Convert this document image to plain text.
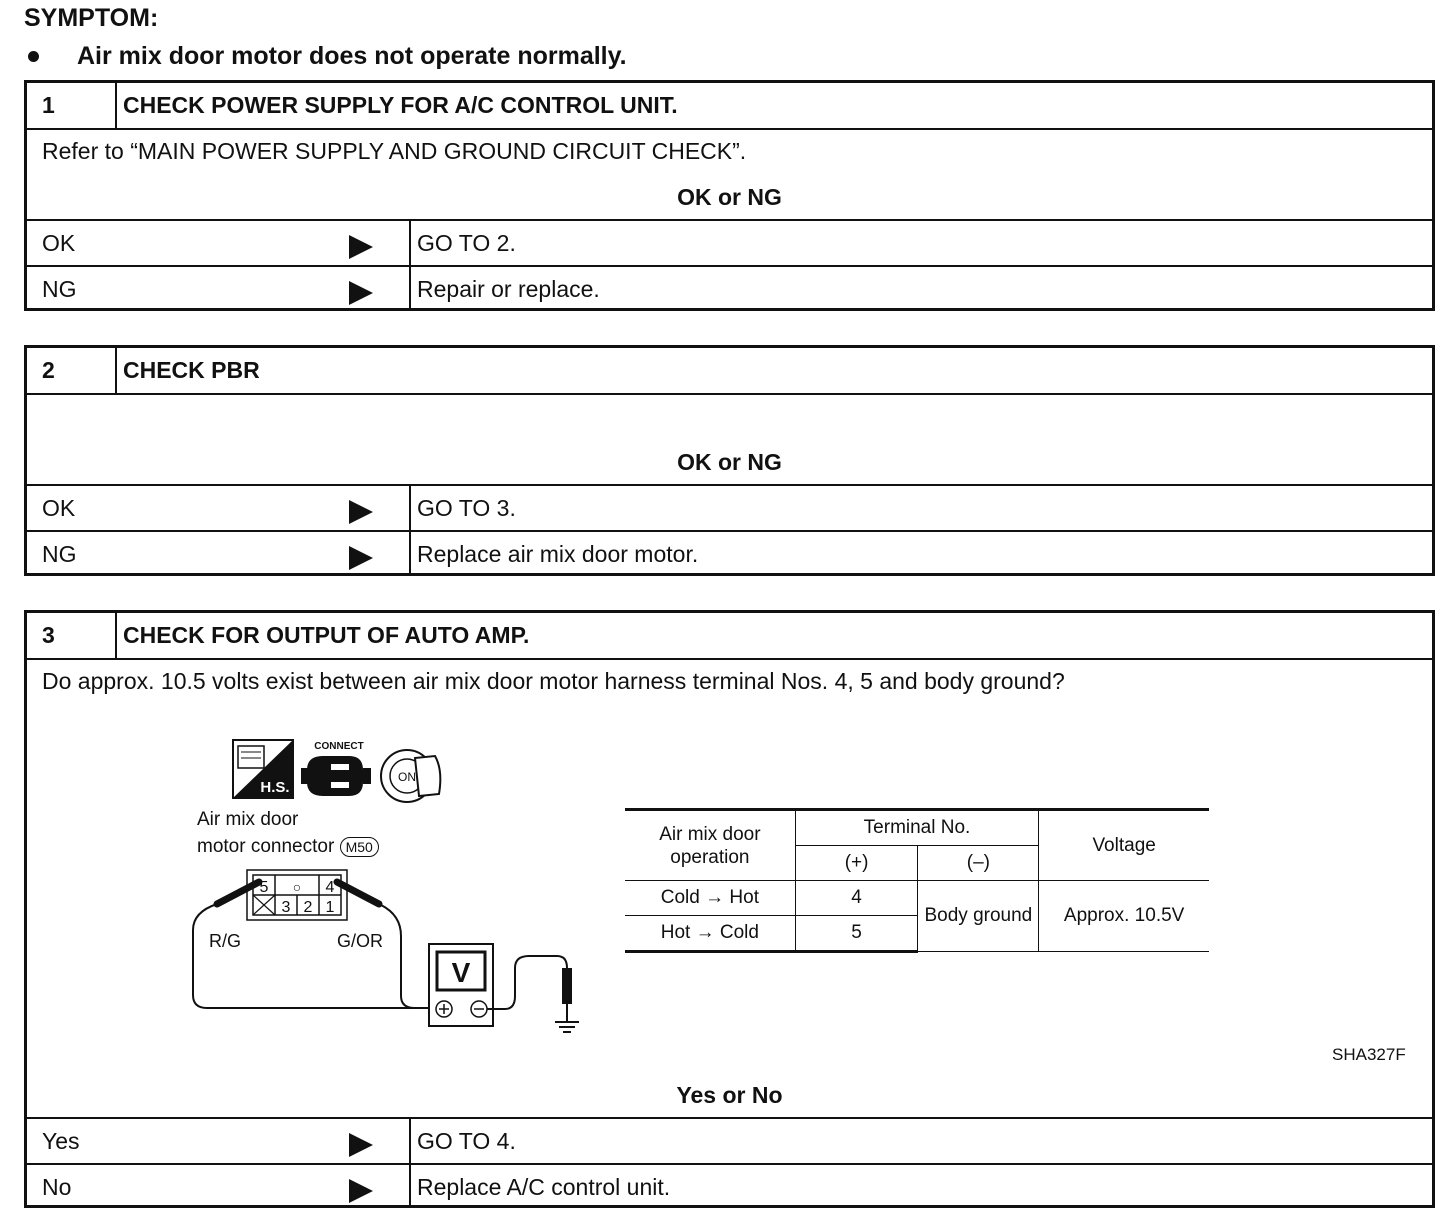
SYMPTOM:
Air mix door motor does not operate normally.
1	CHECK POWER SUPPLY FOR A/C CONTROL UNIT.
Refer to “MAIN POWER SUPPLY AND GROUND CIRCUIT CHECK”.
OK or NG
OK	GO TO 2.
NG	Repair or replace.
2	CHECK PBR
OK or NG
OK	GO TO 3.
NG	Replace air mix door motor.
3	CHECK FOR OUTPUT OF AUTO AMP.
Do approx. 10.5 volts exist between air mix door motor harness terminal Nos. 4, 5 and body ground?
H.S.
CONNECT
ON
5 ○ 4
3 2 1
R/G	G/OR
V
Air mix door
motor connector M50
Air mix door
operation	Terminal No.		Voltage
	(+)	(–)	
Cold → Hot	4	Body ground	Approx. 10.5V
Hot → Cold	5		
SHA327F
Yes or No
Yes	GO TO 4.
No	Replace A/C control unit.
